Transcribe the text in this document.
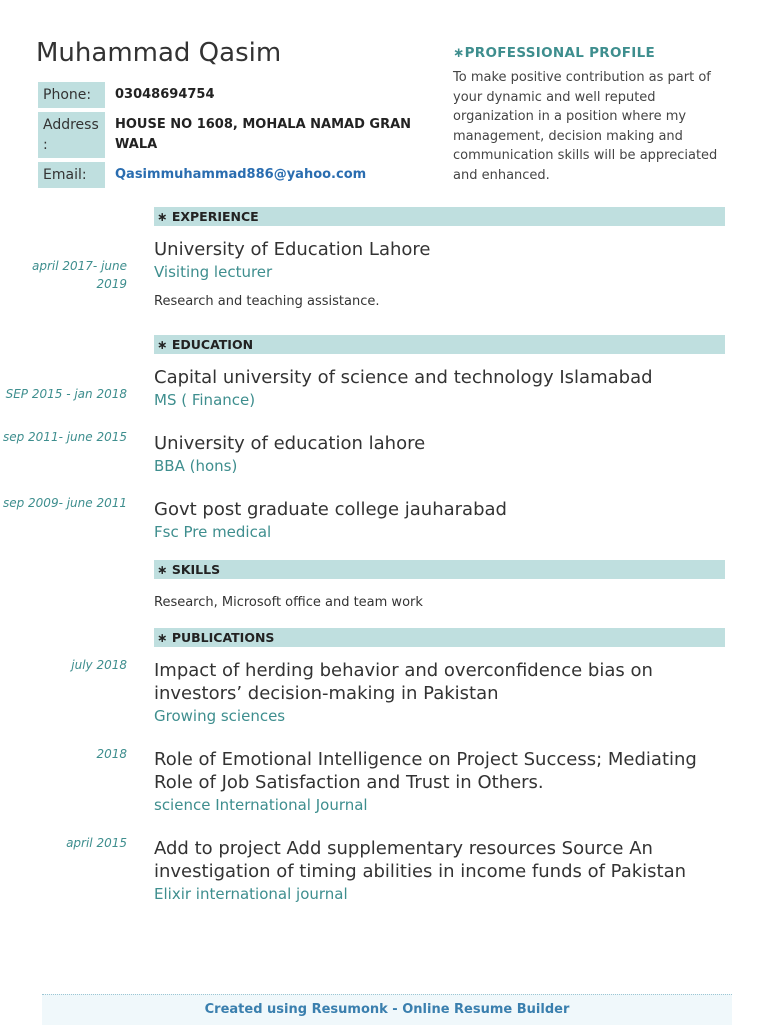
Muhammad Qasim
Phone:	03048694754
Address
:
HOUSE NO 1608, MOHALA NAMAD GRAN WALA
Email:	Qasimmuhammad886@yahoo.com
∗PROFESSIONAL PROFILE
To make positive contribution as part of your dynamic and well reputed organization in a position where my management, decision making and communication skills will be appreciated and enhanced.
∗ EXPERIENCE
april 2017- june 2019
University of Education Lahore
Visiting lecturer
Research and teaching assistance.
∗ EDUCATION
SEP 2015 - jan 2018
Capital university of science and technology Islamabad
MS ( Finance)
sep 2011- june 2015 University of education lahore
BBA (hons)
sep 2009- june 2011 Govt post graduate college jauharabad
Fsc Pre medical
∗ SKILLS
Research, Microsoft office and team work
∗ PUBLICATIONS
july 2018 Impact of herding behavior and overconfidence bias on investors’ decision-making in Pakistan
Growing sciences
2018 Role of Emotional Intelligence on Project Success; Mediating Role of Job Satisfaction and Trust in Others.
science International Journal
april 2015 Add to project Add supplementary resources Source An investigation of timing abilities in income funds of Pakistan
Elixir international journal
Created using Resumonk - Online Resume Builder
